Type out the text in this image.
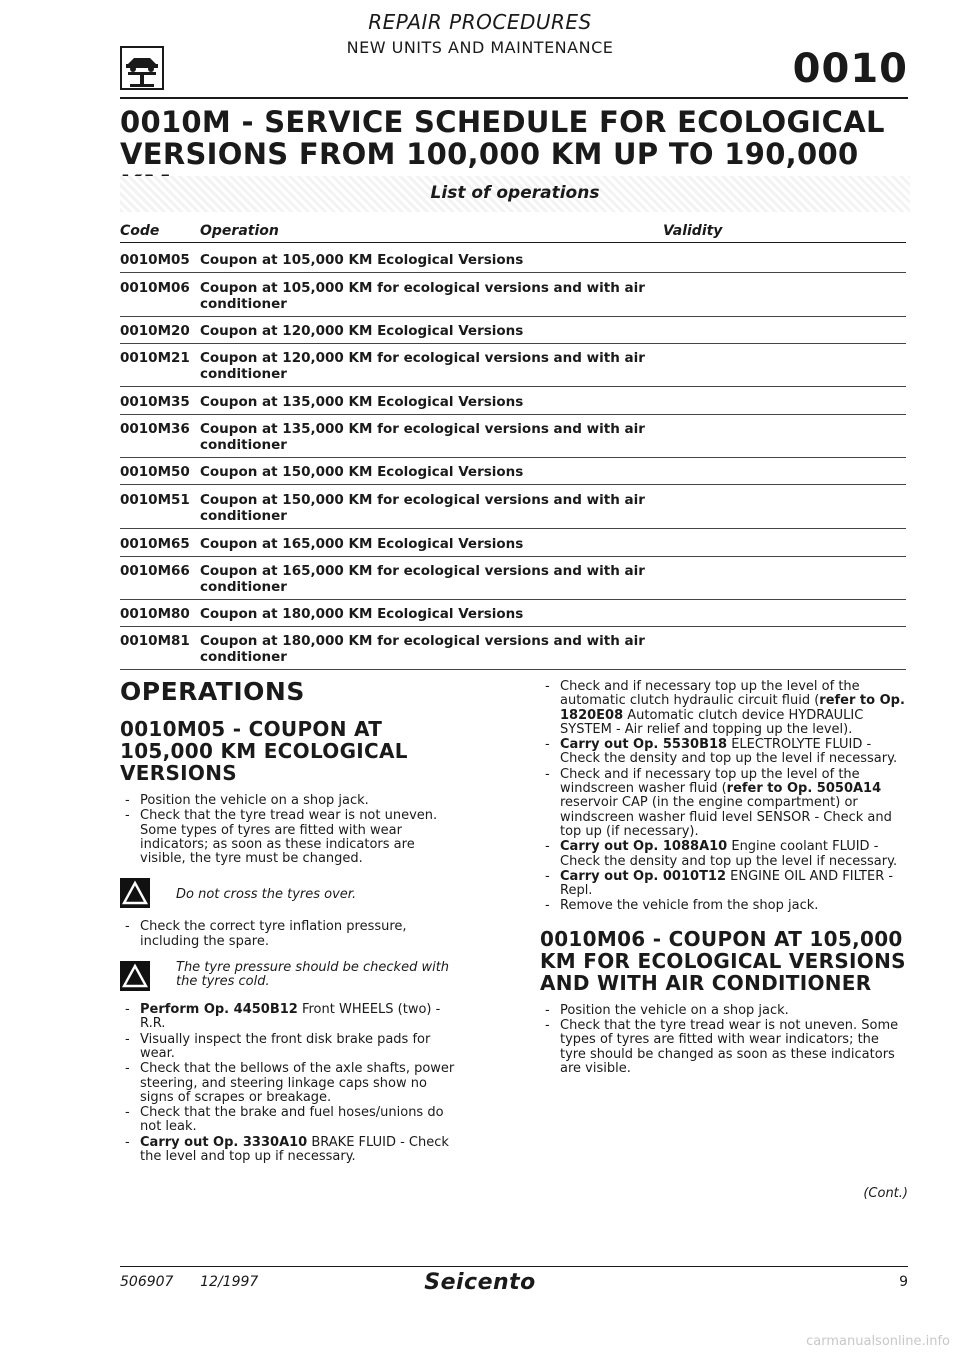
REPAIR PROCEDURES
NEW UNITS AND MAINTENANCE	0010
0010M - SERVICE SCHEDULE FOR ECOLOGICAL VERSIONS FROM 100,000 KM UP TO 190,000
List of operations
Code	Operation	Validity
0010M05 Coupon at 105,000 KM Ecological Versions
0010M06 Coupon at 105,000 KM for ecological versions and with air conditioner
0010M20 Coupon at 120,000 KM Ecological Versions
0010M21 Coupon at 120,000 KM for ecological versions and with air conditioner
0010M35 Coupon at 135,000 KM Ecological Versions
0010M36 Coupon at 135,000 KM for ecological versions and with air conditioner
0010M50 Coupon at 150,000 KM Ecological Versions
0010M51 Coupon at 150,000 KM for ecological versions and with air conditioner
0010M65 Coupon at 165,000 KM Ecological Versions
0010M66 Coupon at 165,000 KM for ecological versions and with air conditioner
0010M80 Coupon at 180,000 KM Ecological Versions
0010M81 Coupon at 180,000 KM for ecological versions and with air conditioner
OPERATIONS
0010M05 - COUPON AT 105,000 KM ECOLOGICAL VERSIONS
- Position the vehicle on a shop jack.
- Check that the tyre tread wear is not uneven. Some types of tyres are fitted with wear indicators; as soon as these indicators are visible, the tyre must be changed.
Do not cross the tyres over.
- Check the correct tyre inflation pressure, including the spare.
The tyre pressure should be checked with the tyres cold.
- Perform Op. 4450B12 Front WHEELS (two) - R.R.
- Visually inspect the front disk brake pads for wear.
- Check that the bellows of the axle shafts, power steering, and steering linkage caps show no signs of scrapes or breakage.
- Check that the brake and fuel hoses/unions do not leak.
- Carry out Op. 3330A10 BRAKE FLUID - Check the level and top up if necessary.
- Check and if necessary top up the level of the automatic clutch hydraulic circuit fluid (refer to Op. 1820E08 Automatic clutch device HYDRAULIC SYSTEM - Air relief and topping up the level).
- Carry out Op. 5530B18 ELECTROLYTE FLUID - Check the density and top up the level if necessary.
- Check and if necessary top up the level of the windscreen washer fluid (refer to Op. 5050A14 reservoir CAP (in the engine compartment) or windscreen washer fluid level SENSOR - Check and top up (if necessary).
- Carry out Op. 1088A10 Engine coolant FLUID - Check the density and top up the level if necessary.
- Carry out Op. 0010T12 ENGINE OIL AND FILTER - Repl.
- Remove the vehicle from the shop jack.
0010M06 - COUPON AT 105,000 KM FOR ECOLOGICAL VERSIONS AND WITH AIR CONDITIONER
- Position the vehicle on a shop jack.
- Check that the tyre tread wear is not uneven. Some types of tyres are fitted with wear indicators; the tyre should be changed as soon as these indicators are visible.
(Cont.)
506907      12/1997	Seicento	9
carmanualsonline.info
